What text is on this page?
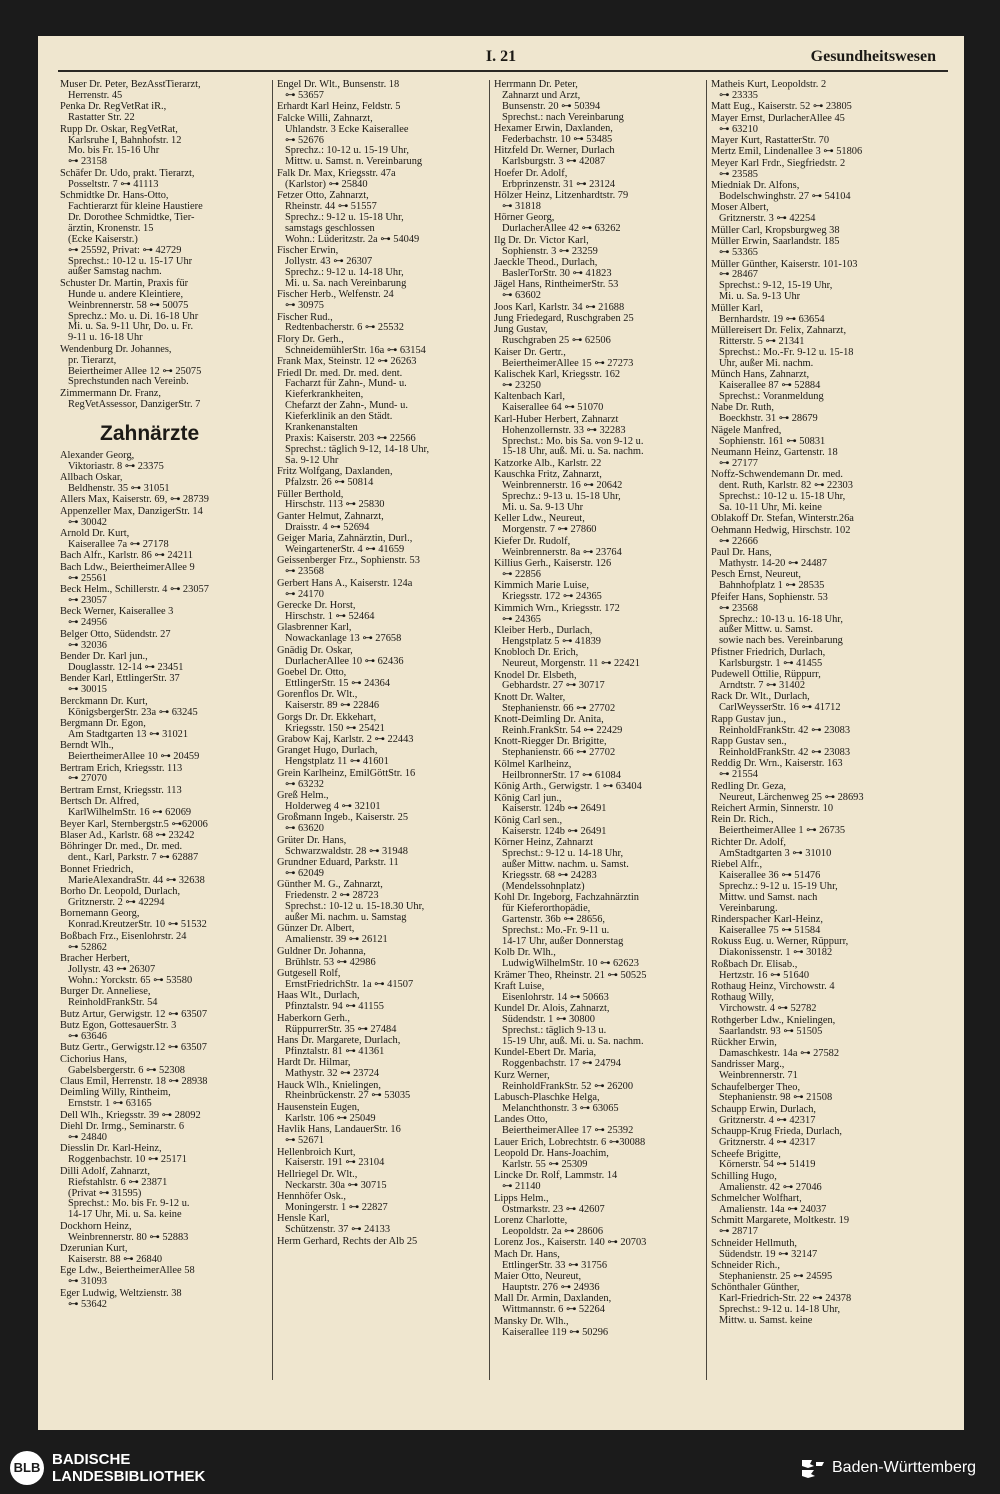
I. 21	Gesundheitswesen
Muser Dr. Peter, BezAsstTierarzt,
Herrenstr. 45
Penka Dr. RegVetRat iR.,
Rastatter Str. 22
Rupp Dr. Oskar, RegVetRat,
Karlsruhe I, Bahnhofstr. 12
Mo. bis Fr. 15-16 Uhr
⊶ 23158
Schäfer Dr. Udo, prakt. Tierarzt,
Posseltstr. 7 ⊶ 41113
Schmidtke Dr. Hans-Otto,
Fachtierarzt für kleine Haustiere
Dr. Dorothee Schmidtke, Tier-
ärztin, Kronenstr. 15
(Ecke Kaiserstr.)
⊶ 25592, Privat: ⊶ 42729
Sprechst.: 10-12 u. 15-17 Uhr
außer Samstag nachm.
Schuster Dr. Martin, Praxis für
Hunde u. andere Kleintiere,
Weinbrennerstr. 58 ⊶ 50075
Sprechz.: Mo. u. Di. 16-18 Uhr
Mi. u. Sa. 9-11 Uhr, Do. u. Fr.
9-11 u. 16-18 Uhr
Wendenburg Dr. Johannes,
pr. Tierarzt,
Beiertheimer Allee 12 ⊶ 25075
Sprechstunden nach Vereinb.
Zimmermann Dr. Franz,
RegVetAssessor, DanzigerStr. 7
Zahnärzte
Alexander Georg,
Viktoriastr. 8 ⊶ 23375
Allbach Oskar,
Beldhenstr. 35 ⊶ 31051
Allers Max, Kaiserstr. 69, ⊶ 28739
Appenzeller Max, DanzigerStr. 14
⊶ 30042
Arnold Dr. Kurt,
Kaiserallee 7a ⊶ 27178
Bach Alfr., Karlstr. 86 ⊶ 24211
Bach Ldw., BeiertheimerAllee 9
⊶ 25561
Beck Helm., Schillerstr. 4 ⊶ 23057
⊶ 23057
Beck Werner, Kaiserallee 3
⊶ 24956
Belger Otto, Südendstr. 27
⊶ 32036
Bender Dr. Karl jun.,
Douglasstr. 12-14 ⊶ 23451
Bender Karl, EttlingerStr. 37
⊶ 30015
Berckmann Dr. Kurt,
KönigsbergerStr. 23a ⊶ 63245
Bergmann Dr. Egon,
Am Stadtgarten 13 ⊶ 31021
Berndt Wlh.,
BeiertheimerAllee 10 ⊶ 20459
Bertram Erich, Kriegsstr. 113
⊶ 27070
Bertram Ernst, Kriegsstr. 113
Bertsch Dr. Alfred,
KarlWilhelmStr. 16 ⊶ 62069
Beyer Karl, Sternbergstr.5 ⊶62006
Blaser Ad., Karlstr. 68 ⊶ 23242
Böhringer Dr. med., Dr. med.
dent., Karl, Parkstr. 7 ⊶ 62887
Bonnet Friedrich,
MarieAlexandraStr. 44 ⊶ 32638
Borho Dr. Leopold, Durlach,
Gritznerstr. 2 ⊶ 42294
Bornemann Georg,
Konrad.KreutzerStr. 10 ⊶ 51532
Boßbach Frz., Eisenlohrstr. 24
⊶ 52862
Bracher Herbert,
Jollystr. 43 ⊶ 26307
Wohn.: Yorckstr. 65 ⊶ 53580
Burger Dr. Anneliese,
ReinholdFrankStr. 54
Butz Artur, Gerwigstr. 12 ⊶ 63507
Butz Egon, GottesauerStr. 3
⊶ 63646
Butz Gertr., Gerwigstr.12 ⊶ 63507
Cichorius Hans,
Gabelsbergerstr. 6 ⊶ 52308
Claus Emil, Herrenstr. 18 ⊶ 28938
Deimling Willy, Rintheim,
Ernststr. 1 ⊶ 63165
Dell Wlh., Kriegsstr. 39 ⊶ 28092
Diehl Dr. Irmg., Seminarstr. 6
⊶ 24840
Diesslin Dr. Karl-Heinz,
Roggenbachstr. 10 ⊶ 25171
Dilli Adolf, Zahnarzt,
Riefstahlstr. 6 ⊶ 23871
(Privat ⊶ 31595)
Sprechst.: Mo. bis Fr. 9-12 u.
14-17 Uhr, Mi. u. Sa. keine
Dockhorn Heinz,
Weinbrennerstr. 80 ⊶ 52883
Dzerunian Kurt,
Kaiserstr. 88 ⊶ 26840
Ege Ldw., BeiertheimerAllee 58
⊶ 31093
Eger Ludwig, Weltzienstr. 38
⊶ 53642
Engel Dr. Wlt., Bunsenstr. 18
⊶ 53657
Erhardt Karl Heinz, Feldstr. 5
Falcke Willi, Zahnarzt,
Uhlandstr. 3 Ecke Kaiserallee
⊶ 52676
Sprechz.: 10-12 u. 15-19 Uhr,
Mittw. u. Samst. n. Vereinbarung
Falk Dr. Max, Kriegsstr. 47a
(Karlstor) ⊶ 25840
Fetzer Otto, Zahnarzt,
Rheinstr. 44 ⊶ 51557
Sprechz.: 9-12 u. 15-18 Uhr,
samstags geschlossen
Wohn.: Lüderitzstr. 2a ⊶ 54049
Fischer Erwin,
Jollystr. 43 ⊶ 26307
Sprechz.: 9-12 u. 14-18 Uhr,
Mi. u. Sa. nach Vereinbarung
Fischer Herb., Welfenstr. 24
⊶ 30975
Fischer Rud.,
Redtenbacherstr. 6 ⊶ 25532
Flory Dr. Gerh.,
SchneidemühlerStr. 16a ⊶ 63154
Frank Max, Steinstr. 12 ⊶ 26263
Friedl Dr. med. Dr. med. dent.
Facharzt für Zahn-, Mund- u.
Kieferkrankheiten,
Chefarzt der Zahn-, Mund- u.
Kieferklinik an den Städt.
Krankenanstalten
Praxis: Kaiserstr. 203 ⊶ 22566
Sprechst.: täglich 9-12, 14-18 Uhr,
Sa. 9-12 Uhr
Fritz Wolfgang, Daxlanden,
Pfalzstr. 26 ⊶ 50814
Füller Berthold,
Hirschstr. 113 ⊶ 25830
Ganter Helmut, Zahnarzt,
Draisstr. 4 ⊶ 52694
Geiger Maria, Zahnärztin, Durl.,
WeingartenerStr. 4 ⊶ 41659
Geissenberger Frz., Sophienstr. 53
⊶ 23568
Gerbert Hans A., Kaiserstr. 124a
⊶ 24170
Gerecke Dr. Horst,
Hirschstr. 1 ⊶ 52464
Glasbrenner Karl,
Nowackanlage 13 ⊶ 27658
Gnädig Dr. Oskar,
DurlacherAllee 10 ⊶ 62436
Goebel Dr. Otto,
EttlingerStr. 15 ⊶ 24364
Gorenflos Dr. Wlt.,
Kaiserstr. 89 ⊶ 22846
Gorgs Dr. Dr. Ekkehart,
Kriegsstr. 150 ⊶ 25421
Grabow Kaj, Karlstr. 2 ⊶ 22443
Granget Hugo, Durlach,
Hengstplatz 11 ⊶ 41601
Grein Karlheinz, EmilGöttStr. 16
⊶ 63232
Greß Helm.,
Holderweg 4 ⊶ 32101
Großmann Ingeb., Kaiserstr. 25
⊶ 63620
Grüter Dr. Hans,
Schwarzwaldstr. 28 ⊶ 31948
Grundner Eduard, Parkstr. 11
⊶ 62049
Günther M. G., Zahnarzt,
Friedenstr. 2 ⊶ 28723
Sprechst.: 10-12 u. 15-18.30 Uhr,
außer Mi. nachm. u. Samstag
Günzer Dr. Albert,
Amalienstr. 39 ⊶ 26121
Guldner Dr. Johanna,
Brühlstr. 53 ⊶ 42986
Gutgesell Rolf,
ErnstFriedrichStr. 1a ⊶ 41507
Haas Wlt., Durlach,
Pfinztalstr. 94 ⊶ 41155
Haberkorn Gerh.,
RüppurrerStr. 35 ⊶ 27484
Hans Dr. Margarete, Durlach,
Pfinztalstr. 81 ⊶ 41361
Hardt Dr. Hilmar,
Mathystr. 32 ⊶ 23724
Hauck Wlh., Knielingen,
Rheinbrückenstr. 27 ⊶ 53035
Hausenstein Eugen,
Karlstr. 106 ⊶ 25049
Havlik Hans, LandauerStr. 16
⊶ 52671
Hellenbroich Kurt,
Kaiserstr. 191 ⊶ 23104
Hellriegel Dr. Wlt.,
Neckarstr. 30a ⊶ 30715
Hennhöfer Osk.,
Moningerstr. 1 ⊶ 22827
Hensle Karl,
Schützenstr. 37 ⊶ 24133
Herm Gerhard, Rechts der Alb 25
Herrmann Dr. Peter,
Zahnarzt und Arzt,
Bunsenstr. 20 ⊶ 50394
Sprechst.: nach Vereinbarung
Hexamer Erwin, Daxlanden,
Federbachstr. 10 ⊶ 53485
Hitzfeld Dr. Werner, Durlach
Karlsburgstr. 3 ⊶ 42087
Hoefer Dr. Adolf,
Erbprinzenstr. 31 ⊶ 23124
Hölzer Heinz, Litzenhardtstr. 79
⊶ 31818
Hörner Georg,
DurlacherAllee 42 ⊶ 63262
Ilg Dr. Dr. Victor Karl,
Sophienstr. 3 ⊶ 23259
Jaeckle Theod., Durlach,
BaslerTorStr. 30 ⊶ 41823
Jägel Hans, RintheimerStr. 53
⊶ 63602
Joos Karl, Karlstr. 34 ⊶ 21688
Jung Friedegard, Ruschgraben 25
Jung Gustav,
Ruschgraben 25 ⊶ 62506
Kaiser Dr. Gertr.,
BeiertheimerAllee 15 ⊶ 27273
Kalischek Karl, Kriegsstr. 162
⊶ 23250
Kaltenbach Karl,
Kaiserallee 64 ⊶ 51070
Karl-Huber Herbert, Zahnarzt
Hohenzollernstr. 33 ⊶ 32283
Sprechst.: Mo. bis Sa. von 9-12 u.
15-18 Uhr, auß. Mi. u. Sa. nachm.
Katzorke Alb., Karlstr. 22
Kauschka Fritz, Zahnarzt,
Weinbrennerstr. 16 ⊶ 20642
Sprechz.: 9-13 u. 15-18 Uhr,
Mi. u. Sa. 9-13 Uhr
Keller Ldw., Neureut,
Morgenstr. 7 ⊶ 27860
Kiefer Dr. Rudolf,
Weinbrennerstr. 8a ⊶ 23764
Killius Gerh., Kaiserstr. 126
⊶ 22856
Kimmich Marie Luise,
Kriegsstr. 172 ⊶ 24365
Kimmich Wrn., Kriegsstr. 172
⊶ 24365
Kleiber Herb., Durlach,
Hengstplatz 5 ⊶ 41839
Knobloch Dr. Erich,
Neureut, Morgenstr. 11 ⊶ 22421
Knodel Dr. Elsbeth,
Gebhardstr. 27 ⊶ 30717
Knott Dr. Walter,
Stephanienstr. 66 ⊶ 27702
Knott-Deimling Dr. Anita,
Reinh.FrankStr. 54 ⊶ 22429
Knott-Riegger Dr. Brigitte,
Stephanienstr. 66 ⊶ 27702
Kölmel Karlheinz,
HeilbronnerStr. 17 ⊶ 61084
König Arth., Gerwigstr. 1 ⊶ 63404
König Carl jun.,
Kaiserstr. 124b ⊶ 26491
König Carl sen.,
Kaiserstr. 124b ⊶ 26491
Körner Heinz, Zahnarzt
Sprechst.: 9-12 u. 14-18 Uhr,
außer Mittw. nachm. u. Samst.
Kriegsstr. 68 ⊶ 24283
(Mendelssohnplatz)
Kohl Dr. Ingeborg, Fachzahnärztin
für Kieferorthopädie,
Gartenstr. 36b ⊶ 28656,
Sprechst.: Mo.-Fr. 9-11 u.
14-17 Uhr, außer Donnerstag
Kolb Dr. Wlh.,
LudwigWilhelmStr. 10 ⊶ 62623
Krämer Theo, Rheinstr. 21 ⊶ 50525
Kraft Luise,
Eisenlohrstr. 14 ⊶ 50663
Kundel Dr. Alois, Zahnarzt,
Südendstr. 1 ⊶ 30800
Sprechst.: täglich 9-13 u.
15-19 Uhr, auß. Mi. u. Sa. nachm.
Kundel-Ebert Dr. Maria,
Roggenbachstr. 17 ⊶ 24794
Kurz Werner,
ReinholdFrankStr. 52 ⊶ 26200
Labusch-Plaschke Helga,
Melanchthonstr. 3 ⊶ 63065
Landes Otto,
BeiertheimerAllee 17 ⊶ 25392
Lauer Erich, Lobrechtstr. 6 ⊶30088
Leopold Dr. Hans-Joachim,
Karlstr. 55 ⊶ 25309
Lincke Dr. Rolf, Lammstr. 14
⊶ 21140
Lipps Helm.,
Ostmarkstr. 23 ⊶ 42607
Lorenz Charlotte,
Leopoldstr. 2a ⊶ 28606
Lorenz Jos., Kaiserstr. 140 ⊶ 20703
Mach Dr. Hans,
EttlingerStr. 33 ⊶ 31756
Maier Otto, Neureut,
Hauptstr. 276 ⊶ 24936
Mall Dr. Armin, Daxlanden,
Wittmannstr. 6 ⊶ 52264
Mansky Dr. Wlh.,
Kaiserallee 119 ⊶ 50296
Matheis Kurt, Leopoldstr. 2
⊶ 23335
Matt Eug., Kaiserstr. 52 ⊶ 23805
Mayer Ernst, DurlacherAllee 45
⊶ 63210
Mayer Kurt, RastatterStr. 70
Mertz Emil, Lindenallee 3 ⊶ 51806
Meyer Karl Frdr., Siegfriedstr. 2
⊶ 23585
Miedniak Dr. Alfons,
Bodelschwinghstr. 27 ⊶ 54104
Moser Albert,
Gritznerstr. 3 ⊶ 42254
Müller Carl, Kropsburgweg 38
Müller Erwin, Saarlandstr. 185
⊶ 53365
Müller Günther, Kaiserstr. 101-103
⊶ 28467
Sprechst.: 9-12, 15-19 Uhr,
Mi. u. Sa. 9-13 Uhr
Müller Karl,
Bernhardstr. 19 ⊶ 63654
Müllereisert Dr. Felix, Zahnarzt,
Ritterstr. 5 ⊶ 21341
Sprechst.: Mo.-Fr. 9-12 u. 15-18
Uhr, außer Mi. nachm.
Münch Hans, Zahnarzt,
Kaiserallee 87 ⊶ 52884
Sprechst.: Voranmeldung
Nabe Dr. Ruth,
Boeckhstr. 31 ⊶ 28679
Nägele Manfred,
Sophienstr. 161 ⊶ 50831
Neumann Heinz, Gartenstr. 18
⊶ 27177
Noffz-Schwendemann Dr. med.
dent. Ruth, Karlstr. 82 ⊶ 22303
Sprechst.: 10-12 u. 15-18 Uhr,
Sa. 10-11 Uhr, Mi. keine
Oblakoff Dr. Stefan, Winterstr.26a
Oehmann Hedwig, Hirschstr. 102
⊶ 22666
Paul Dr. Hans,
Mathystr. 14-20 ⊶ 24487
Pesch Ernst, Neureut,
Bahnhofplatz 1 ⊶ 28535
Pfeifer Hans, Sophienstr. 53
⊶ 23568
Sprechz.: 10-13 u. 16-18 Uhr,
außer Mittw. u. Samst.
sowie nach bes. Vereinbarung
Pfistner Friedrich, Durlach,
Karlsburgstr. 1 ⊶ 41455
Pudewell Ottilie, Rüppurr,
Arndtstr. 7 ⊶ 31402
Rack Dr. Wlt., Durlach,
CarlWeysserStr. 16 ⊶ 41712
Rapp Gustav jun.,
ReinholdFrankStr. 42 ⊶ 23083
Rapp Gustav sen.,
ReinholdFrankStr. 42 ⊶ 23083
Reddig Dr. Wrn., Kaiserstr. 163
⊶ 21554
Redling Dr. Geza,
Neureut, Lärchenweg 25 ⊶ 28693
Reichert Armin, Sinnerstr. 10
Rein Dr. Rich.,
BeiertheimerAllee 1 ⊶ 26735
Richter Dr. Adolf,
AmStadtgarten 3 ⊶ 31010
Riebel Alfr.,
Kaiserallee 36 ⊶ 51476
Sprechz.: 9-12 u. 15-19 Uhr,
Mittw. und Samst. nach
Vereinbarung.
Rinderspacher Karl-Heinz,
Kaiserallee 75 ⊶ 51584
Rokuss Eug. u. Werner, Rüppurr,
Diakonissenstr. 1 ⊶ 30182
Roßbach Dr. Elisab.,
Hertzstr. 16 ⊶ 51640
Rothaug Heinz, Virchowstr. 4
Rothaug Willy,
Virchowstr. 4 ⊶ 52782
Rothgerber Ldw., Knielingen,
Saarlandstr. 93 ⊶ 51505
Rückher Erwin,
Damaschkestr. 14a ⊶ 27582
Sandrisser Marg.,
Weinbrennerstr. 71
Schaufelberger Theo,
Stephanienstr. 98 ⊶ 21508
Schaupp Erwin, Durlach,
Gritznerstr. 4 ⊶ 42317
Schaupp-Krug Frieda, Durlach,
Gritznerstr. 4 ⊶ 42317
Scheefe Brigitte,
Körnerstr. 54 ⊶ 51419
Schilling Hugo,
Amalienstr. 42 ⊶ 27046
Schmelcher Wolfhart,
Amalienstr. 14a ⊶ 24037
Schmitt Margarete, Moltkestr. 19
⊶ 28717
Schneider Hellmuth,
Südendstr. 19 ⊶ 32147
Schneider Rich.,
Stephanienstr. 25 ⊶ 24595
Schönthaler Günther,
Karl-Friedrich-Str. 22 ⊶ 24378
Sprechst.: 9-12 u. 14-18 Uhr,
Mittw. u. Samst. keine
BLB BADISCHE
LANDESBIBLIOTHEK
Baden-Württemberg
